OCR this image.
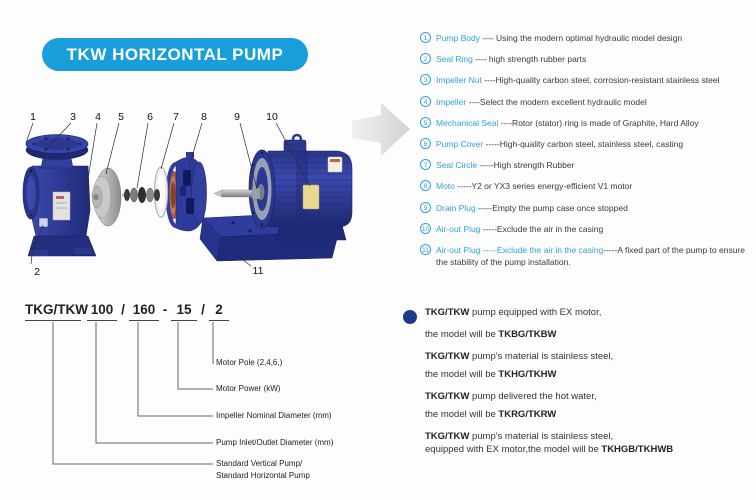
TKW HORIZONTAL PUMP
1	3 4 5 6 7 8	9 10
2	11
1	Pump Body ---- Using the modern optimal hydraulic model design
2	Seal Ring ---- high strength rubber parts
3	Impeller Nut ----High-quality carbon steel, corrosion-resistant stainless steel
4	Impeller ----Select the modern excellent hydraulic model
5	Mechanical Seal ----Rotor (stator) ring is made of Graphite, Hard Alloy
6	Pump Cover -----High-quality carbon steel, stainless steel, casting
7	Seal Circle -----High strength Rubber
8	Moto -----Y2 or YX3 series energy-efficient V1 motor
9	Drain Plug -----Empty the pump case once stopped
10 Air-out Plug -----Exclude the air in the casing
11 Air-out Plug -----Exclude the air in the casing-----A fixed part of the pump to ensure the stability of the pump installation.
TKG/TKW 100 / 160 - 15 / 2
Motor Pole (2,4,6,)
Motor Power (kW)
Impeller Nominal Diameter (mm)
Pump Inlet/Outlet Diameter (mm)
Standard Vertical Pump/
Standard Horizontal Pump
TKG/TKW pump equipped with EX motor,
the model will be TKBG/TKBW
TKG/TKW pump's material is stainless steel,
the model will be TKHG/TKHW
TKG/TKW pump delivered the hot water,
the model will be TKRG/TKRW
TKG/TKW pump's material is stainless steel,
equipped with EX motor,the model will be TKHGB/TKHWB
